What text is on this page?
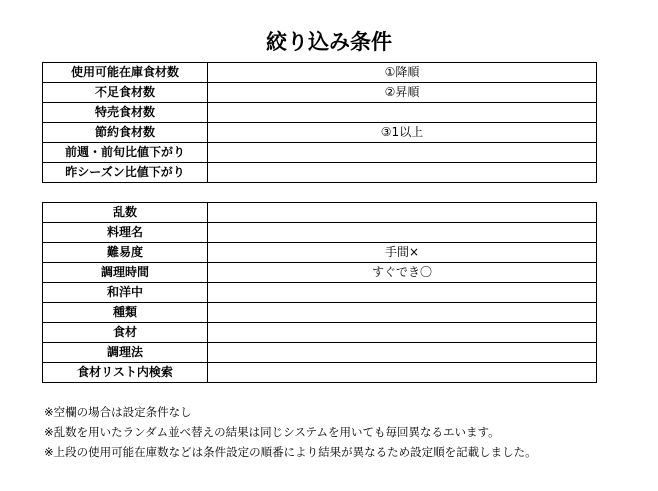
絞り込み条件
使用可能在庫食材数	①降順
不足食材数	②昇順
特売食材数	
節約食材数	③1以上
前週・前旬比値下がり	
昨シーズン比値下がり	
乱数	
料理名	
難易度	手間×
調理時間	すぐでき〇
和洋中	
種類	
食材	
調理法	
食材リスト内検索	
※空欄の場合は設定条件なし
※乱数を用いたランダム並べ替えの結果は同じシステムを用いても毎回異なるエいます。
※上段の使用可能在庫数などは条件設定の順番により結果が異なるため設定順を記載しました。
